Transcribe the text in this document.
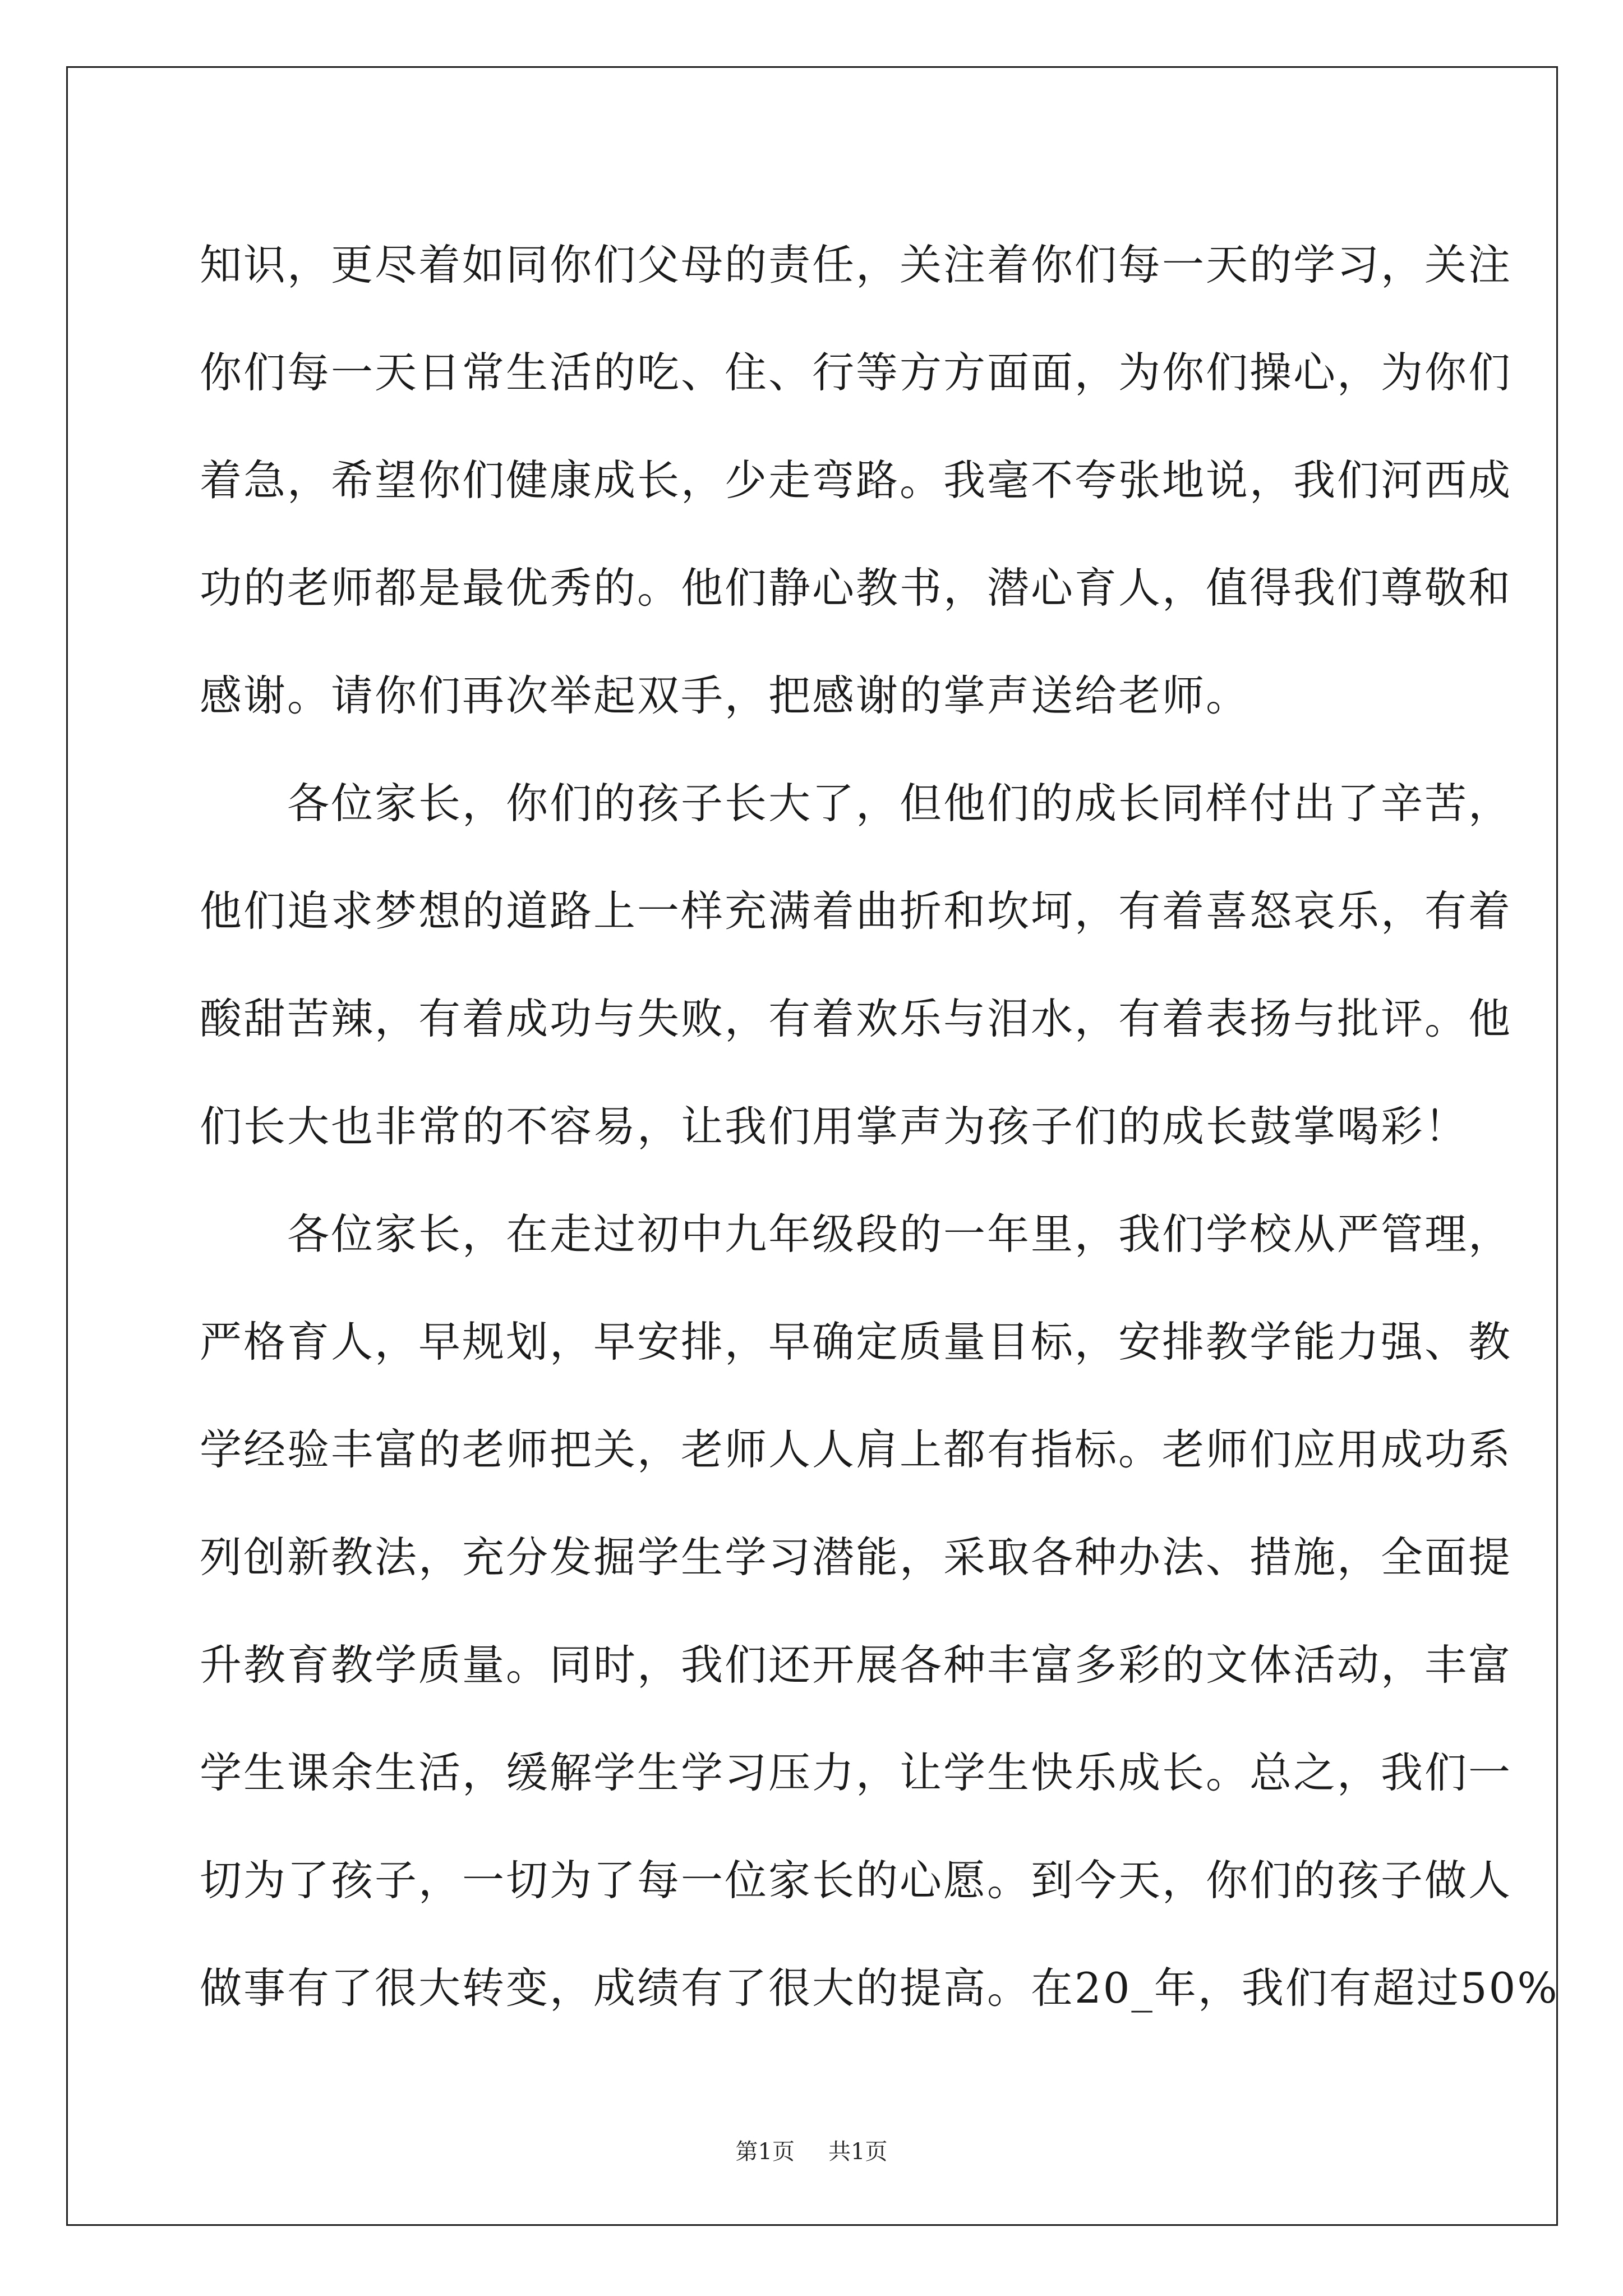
知识，更尽着如同你们父母的责任，关注着你们每一天的学习，关注
你们每一天日常生活的吃、住、行等方方面面，为你们操心，为你们
着急，希望你们健康成长，少走弯路。我毫不夸张地说，我们河西成
功的老师都是最优秀的。他们静心教书，潜心育人，值得我们尊敬和
感谢。请你们再次举起双手，把感谢的掌声送给老师。

　　各位家长，你们的孩子长大了，但他们的成长同样付出了辛苦，
他们追求梦想的道路上一样充满着曲折和坎坷，有着喜怒哀乐，有着
酸甜苦辣，有着成功与失败，有着欢乐与泪水，有着表扬与批评。他
们长大也非常的不容易，让我们用掌声为孩子们的成长鼓掌喝彩！

　　各位家长，在走过初中九年级段的一年里，我们学校从严管理，
严格育人，早规划，早安排，早确定质量目标，安排教学能力强、教
学经验丰富的老师把关，老师人人肩上都有指标。老师们应用成功系
列创新教法，充分发掘学生学习潜能，采取各种办法、措施，全面提
升教育教学质量。同时，我们还开展各种丰富多彩的文体活动，丰富
学生课余生活，缓解学生学习压力，让学生快乐成长。总之，我们一
切为了孩子，一切为了每一位家长的心愿。到今天，你们的孩子做人
做事有了很大转变，成绩有了很大的提高。在20_年，我们有超过50%

第1页 共1页
